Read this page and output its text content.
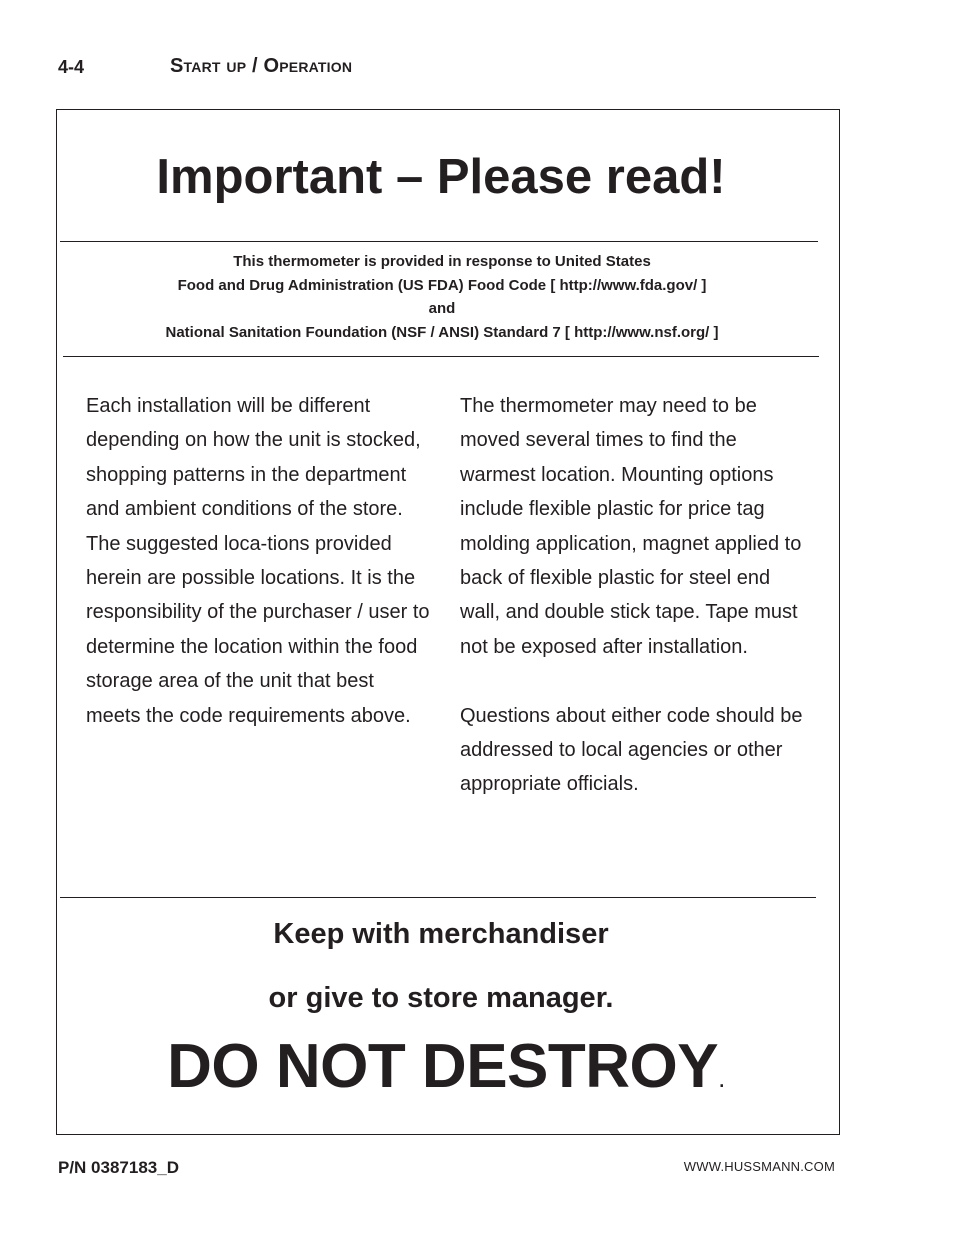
4-4	Start up / Operation
Important – Please read!
This thermometer is provided in response to United States
Food and Drug Administration (US FDA) Food Code [ http://www.fda.gov/ ]
and
National Sanitation Foundation (NSF / ANSI) Standard 7 [ http://www.nsf.org/ ]

Each installation will be different depending on how the unit is stocked, shopping patterns in the department and ambient conditions of the store. The suggested loca-tions provided herein are possible locations. It is the responsibility of the purchaser / user to determine the location within the food storage area of the unit that best meets the code requirements above.

The thermometer may need to be moved several times to find the warmest location. Mounting options include flexible plastic for price tag molding application, magnet applied to back of flexible plastic for steel end wall, and double stick tape. Tape must not be exposed after installation.

Questions about either code should be addressed to local agencies or other appropriate officials.

Keep with merchandiser
or give to store manager.
DO NOT DESTROY.
P/N 0387183_D	WWW.HUSSMANN.COM
